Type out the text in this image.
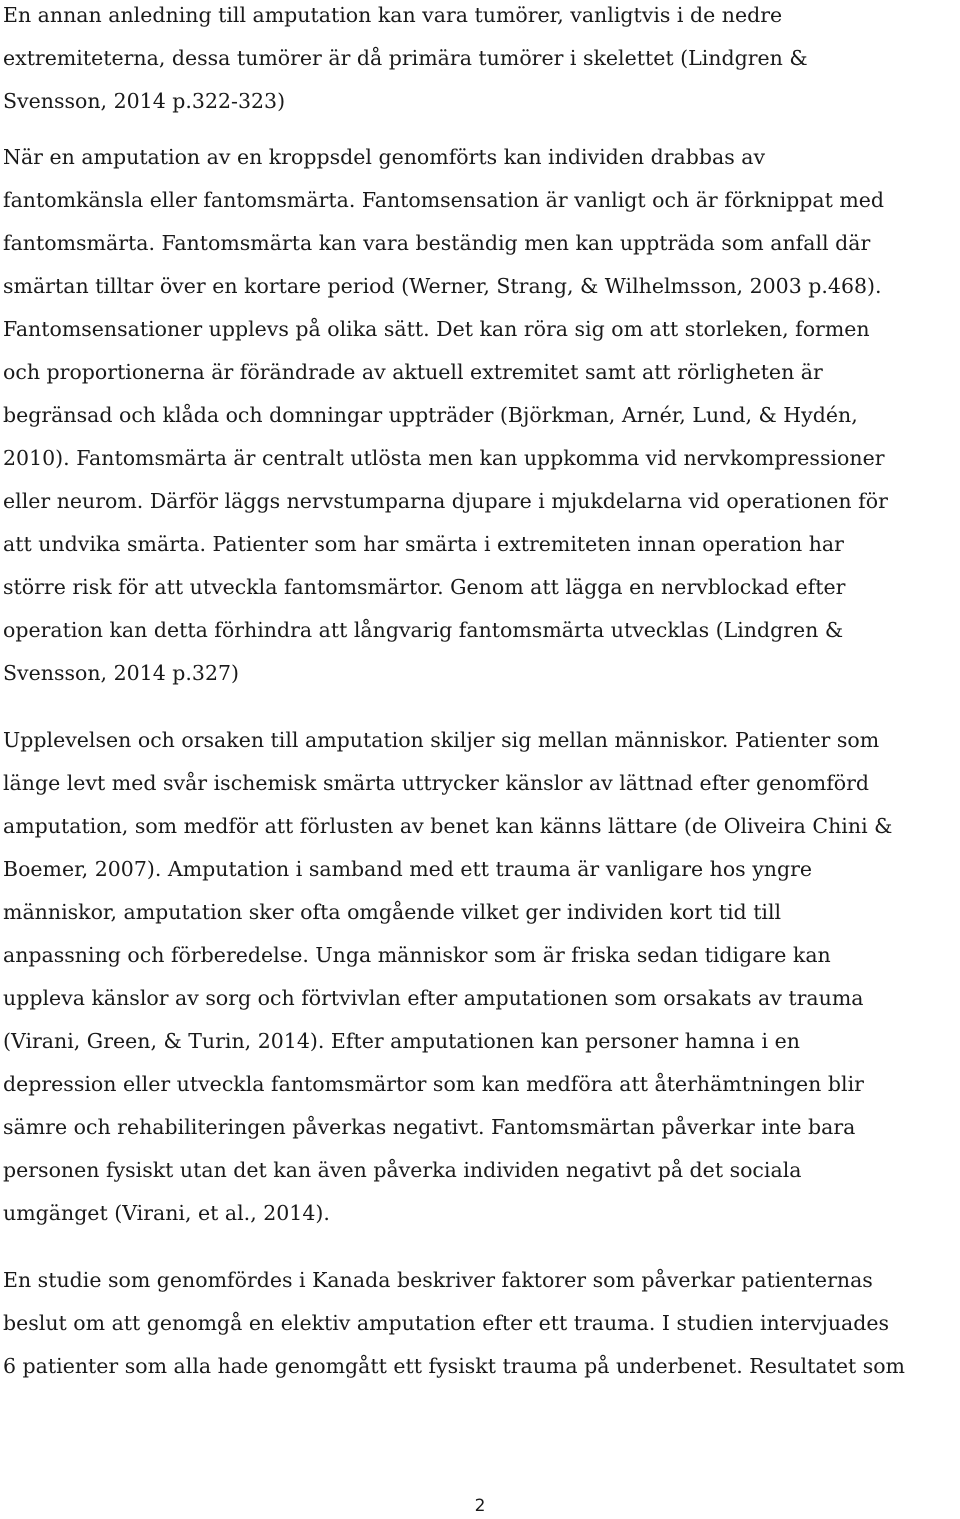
En annan anledning till amputation kan vara tumörer, vanligtvis i de nedre
extremiteterna, dessa tumörer är då primära tumörer i skelettet (Lindgren &
Svensson, 2014 p.322-323)
När en amputation av en kroppsdel genomförts kan individen drabbas av
fantomkänsla eller fantomsmärta. Fantomsensation är vanligt och är förknippat med
fantomsmärta. Fantomsmärta kan vara beständig men kan uppträda som anfall där
smärtan tilltar över en kortare period (Werner, Strang, & Wilhelmsson, 2003 p.468).
Fantomsensationer upplevs på olika sätt. Det kan röra sig om att storleken, formen
och proportionerna är förändrade av aktuell extremitet samt att rörligheten är
begränsad och klåda och domningar uppträder (Björkman, Arnér, Lund, & Hydén,
2010). Fantomsmärta är centralt utlösta men kan uppkomma vid nervkompressioner
eller neurom. Därför läggs nervstumparna djupare i mjukdelarna vid operationen för
att undvika smärta. Patienter som har smärta i extremiteten innan operation har
större risk för att utveckla fantomsmärtor. Genom att lägga en nervblockad efter
operation kan detta förhindra att långvarig fantomsmärta utvecklas (Lindgren &
Svensson, 2014 p.327)
Upplevelsen och orsaken till amputation skiljer sig mellan människor. Patienter som
länge levt med svår ischemisk smärta uttrycker känslor av lättnad efter genomförd
amputation, som medför att förlusten av benet kan känns lättare (de Oliveira Chini &
Boemer, 2007). Amputation i samband med ett trauma är vanligare hos yngre
människor, amputation sker ofta omgående vilket ger individen kort tid till
anpassning och förberedelse. Unga människor som är friska sedan tidigare kan
uppleva känslor av sorg och förtvivlan efter amputationen som orsakats av trauma
(Virani, Green, & Turin, 2014). Efter amputationen kan personer hamna i en
depression eller utveckla fantomsmärtor som kan medföra att återhämtningen blir
sämre och rehabiliteringen påverkas negativt. Fantomsmärtan påverkar inte bara
personen fysiskt utan det kan även påverka individen negativt på det sociala
umgänget (Virani, et al., 2014).
En studie som genomfördes i Kanada beskriver faktorer som påverkar patienternas
beslut om att genomgå en elektiv amputation efter ett trauma. I studien intervjuades
6 patienter som alla hade genomgått ett fysiskt trauma på underbenet. Resultatet som
2
